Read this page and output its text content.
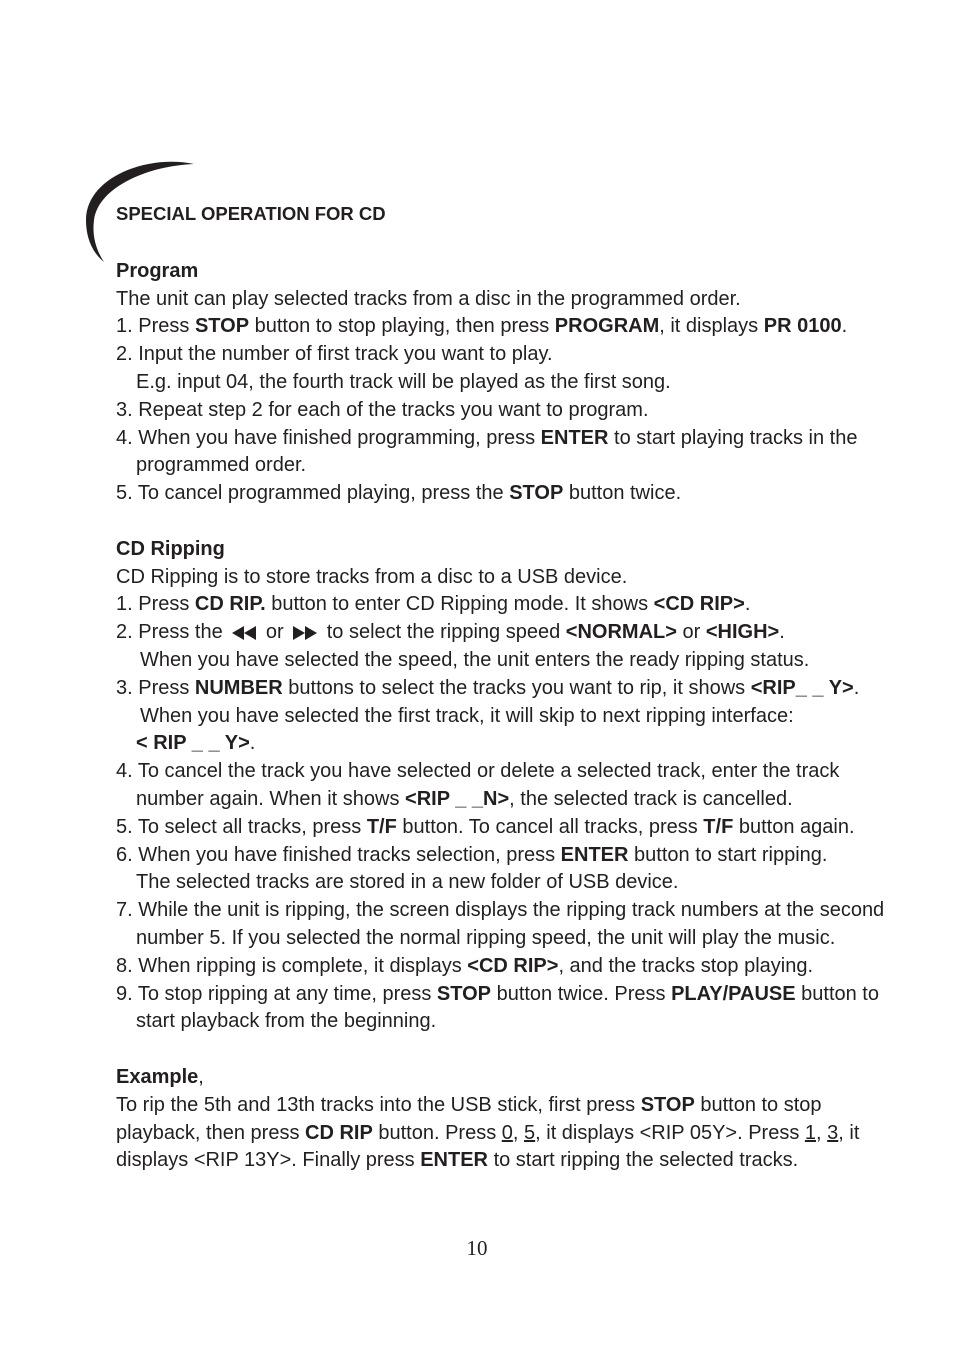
SPECIAL OPERATION FOR CD

Program

The unit can play selected tracks from a disc in the programmed order.

1. Press STOP button to stop playing, then press PROGRAM, it displays PR 0100.

2. Input the number of first track you want to play.

E.g. input 04, the fourth track will be played as the first song.

3. Repeat step 2 for each of the tracks you want to program.

4. When you have finished programming, press ENTER to start playing tracks in the programmed order.

5. To cancel programmed playing, press the STOP button twice.

CD Ripping

CD Ripping is to store tracks from a disc to a USB device.

1. Press CD RIP. button to enter CD Ripping mode. It shows <CD RIP>.

2. Press the  or  to select the ripping speed <NORMAL> or <HIGH>.

When you have selected the speed, the unit enters the ready ripping status.

3. Press NUMBER buttons to select the tracks you want to rip, it shows <RIP_ _ Y>.

When you have selected the first track, it will skip to next ripping interface:

< RIP _ _ Y>.

4. To cancel the track you have selected or delete a selected track, enter the track number again. When it shows <RIP _ _N>, the selected track is cancelled.

5. To select all tracks, press T/F button. To cancel all tracks, press T/F button again.

6. When you have finished tracks selection, press ENTER button to start ripping.

The selected tracks are stored in a new folder of USB device.

7. While the unit is ripping, the screen displays the ripping track numbers at the second number 5. If you selected the normal ripping speed, the unit will play the music.

8. When ripping is complete, it displays <CD RIP>, and the tracks stop playing.

9. To stop ripping at any time, press STOP button twice. Press PLAY/PAUSE button to start playback from the beginning.

Example,

To rip the 5th and 13th tracks into the USB stick, first press STOP button to stop playback, then press CD RIP button. Press 0, 5, it displays <RIP 05Y>. Press 1, 3, it displays <RIP 13Y>. Finally press ENTER to start ripping the selected tracks.

10
